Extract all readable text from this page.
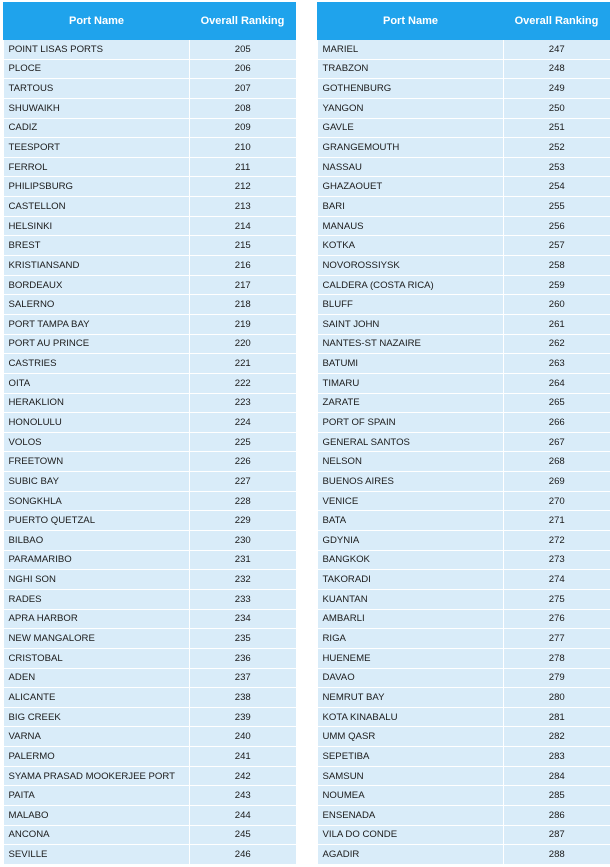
Port Name	Overall Ranking
POINT LISAS PORTS	205
PLOCE	206
TARTOUS	207
SHUWAIKH	208
CADIZ	209
TEESPORT	210
FERROL	211
PHILIPSBURG	212
CASTELLON	213
HELSINKI	214
BREST	215
KRISTIANSAND	216
BORDEAUX	217
SALERNO	218
PORT TAMPA BAY	219
PORT AU PRINCE	220
CASTRIES	221
OITA	222
HERAKLION	223
HONOLULU	224
VOLOS	225
FREETOWN	226
SUBIC BAY	227
SONGKHLA	228
PUERTO QUETZAL	229
BILBAO	230
PARAMARIBO	231
NGHI SON	232
RADES	233
APRA HARBOR	234
NEW MANGALORE	235
CRISTOBAL	236
ADEN	237
ALICANTE	238
BIG CREEK	239
VARNA	240
PALERMO	241
SYAMA PRASAD MOOKERJEE PORT	242
PAITA	243
MALABO	244
ANCONA	245
SEVILLE	246
Port Name	Overall Ranking
MARIEL	247
TRABZON	248
GOTHENBURG	249
YANGON	250
GAVLE	251
GRANGEMOUTH	252
NASSAU	253
GHAZAOUET	254
BARI	255
MANAUS	256
KOTKA	257
NOVOROSSIYSK	258
CALDERA (COSTA RICA)	259
BLUFF	260
SAINT JOHN	261
NANTES-ST NAZAIRE	262
BATUMI	263
TIMARU	264
ZARATE	265
PORT OF SPAIN	266
GENERAL SANTOS	267
NELSON	268
BUENOS AIRES	269
VENICE	270
BATA	271
GDYNIA	272
BANGKOK	273
TAKORADI	274
KUANTAN	275
AMBARLI	276
RIGA	277
HUENEME	278
DAVAO	279
NEMRUT BAY	280
KOTA KINABALU	281
UMM QASR	282
SEPETIBA	283
SAMSUN	284
NOUMEA	285
ENSENADA	286
VILA DO CONDE	287
AGADIR	288
